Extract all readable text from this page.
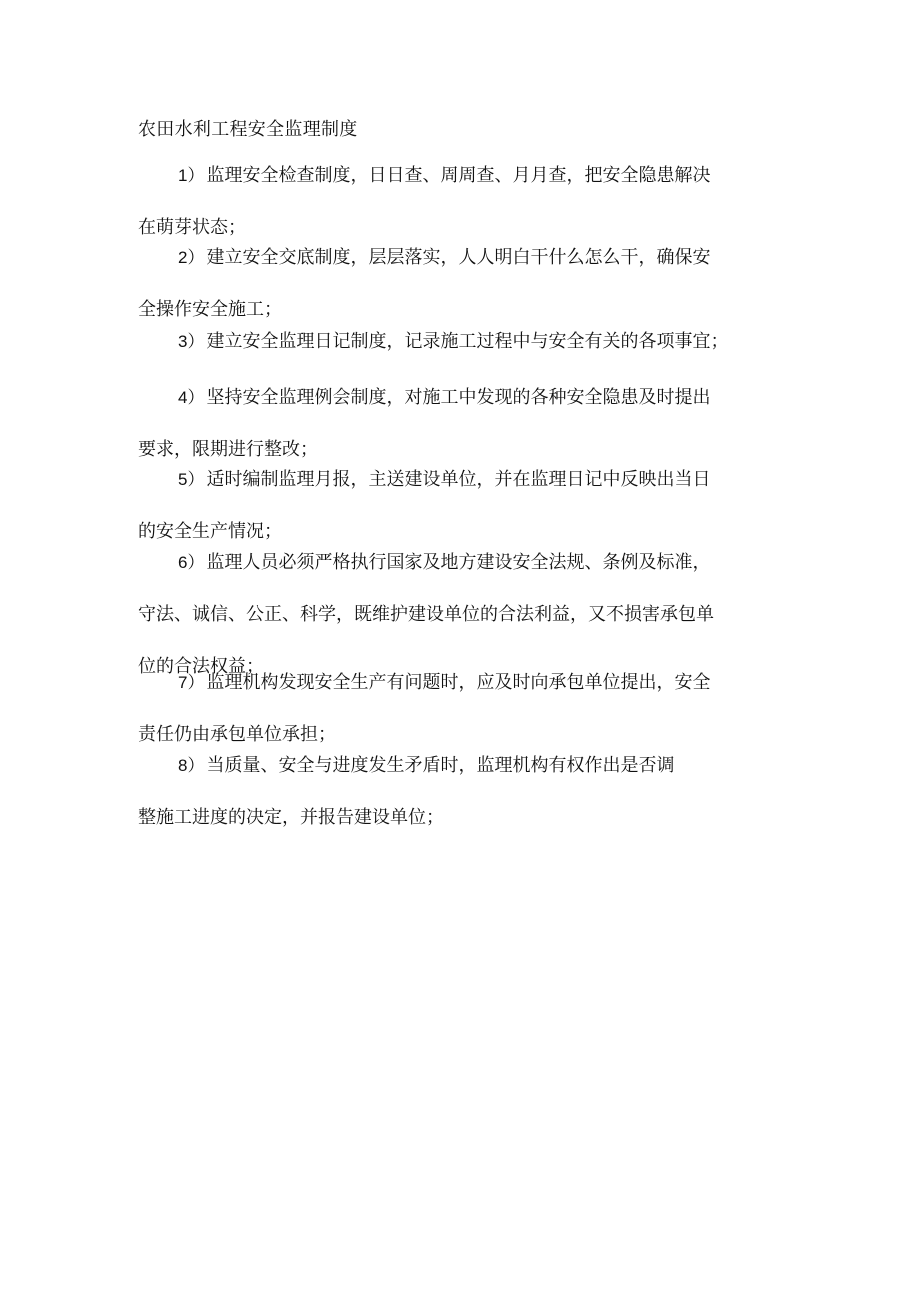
农田水利工程安全监理制度
1） 监理安全检查制度，日日查、周周查、月月查，把安全隐患解决
在萌芽状态；
2） 建立安全交底制度，层层落实，人人明白干什么怎么干，确保安
全操作安全施工；
3） 建立安全监理日记制度，记录施工过程中与安全有关的各项事宜；
4） 坚持安全监理例会制度，对施工中发现的各种安全隐患及时提出
要求，限期进行整改；
5） 适时编制监理月报，主送建设单位，并在监理日记中反映出当日
的安全生产情况；
6） 监理人员必须严格执行国家及地方建设安全法规、条例及标准，
守法、诚信、公正、科学，既维护建设单位的合法利益，又不损害承包单
位的合法权益；
7） 监理机构发现安全生产有问题时，应及时向承包单位提出，安全
责任仍由承包单位承担；
8） 当质量、安全与进度发生矛盾时，监理机构有权作出是否调
整施工进度的决定，并报告建设单位；
